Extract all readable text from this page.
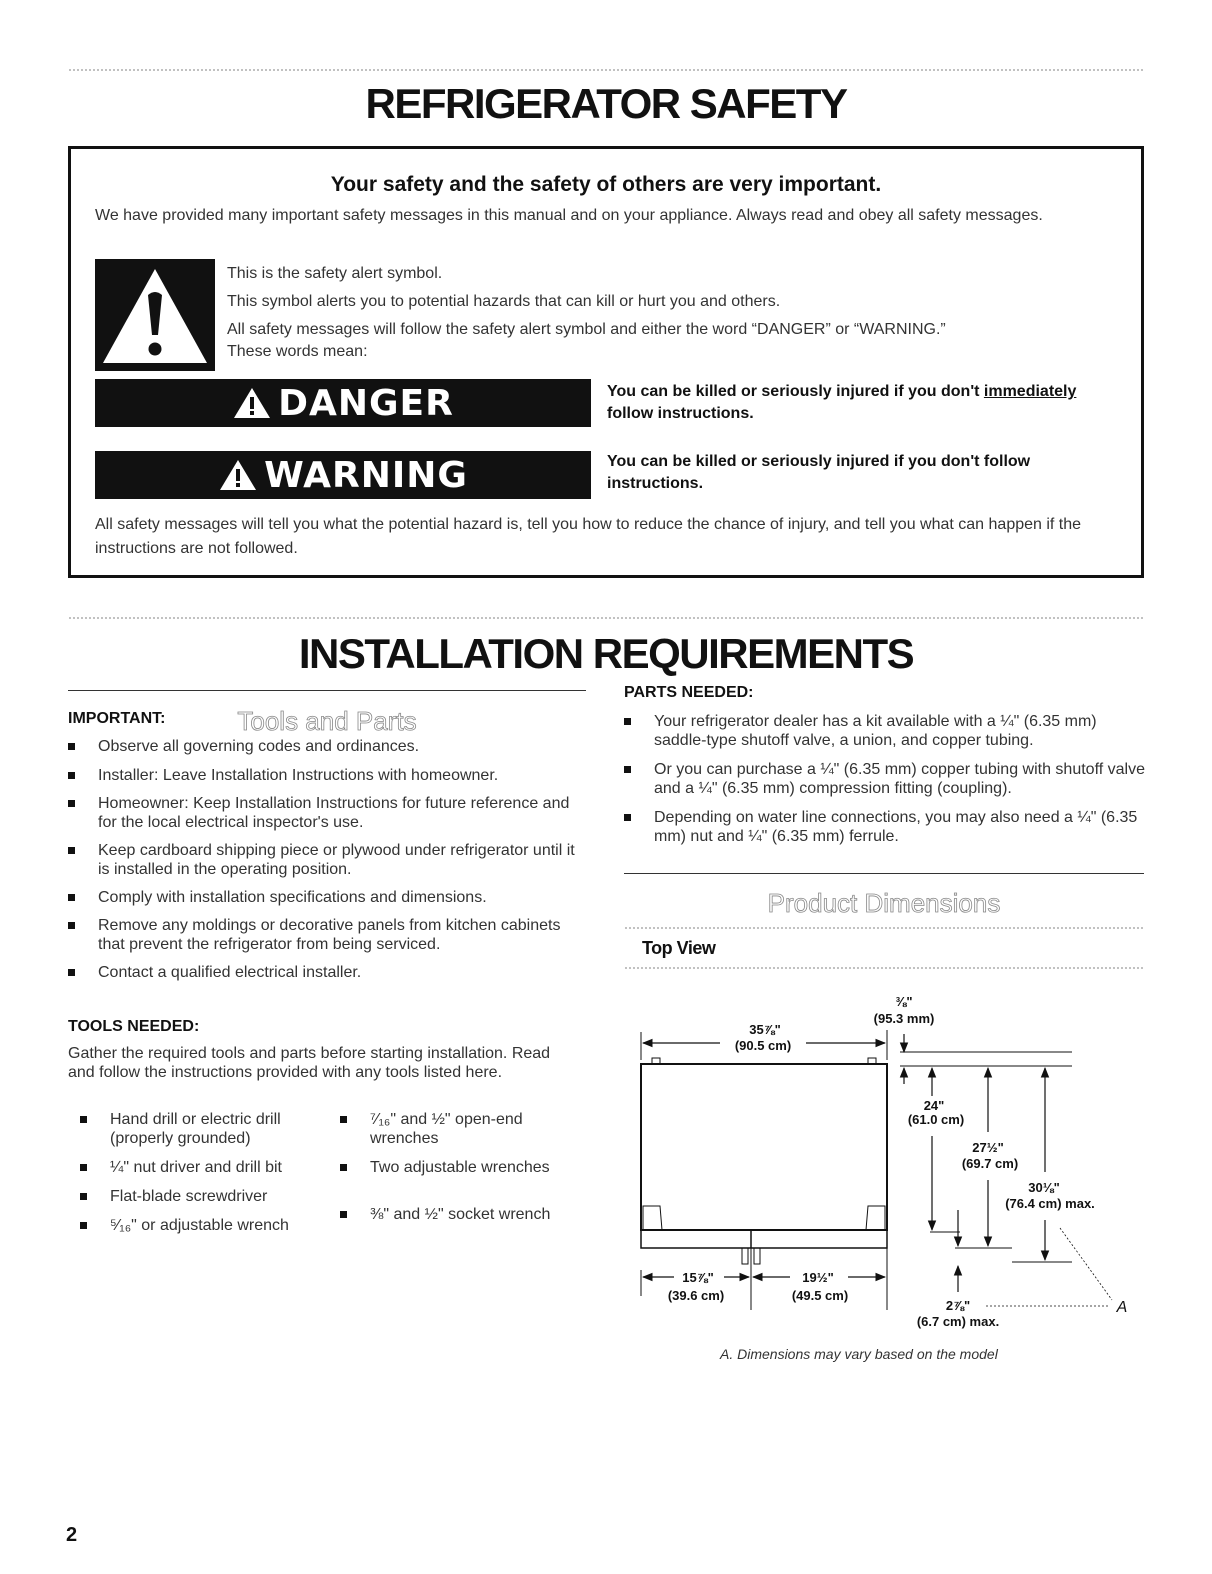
REFRIGERATOR SAFETY
Your safety and the safety of others are very important.
We have provided many important safety messages in this manual and on your appliance. Always read and obey all safety messages.
This is the safety alert symbol.
This symbol alerts you to potential hazards that can kill or hurt you and others.
All safety messages will follow the safety alert symbol and either the word “DANGER” or “WARNING.”
These words mean:
DANGER	You can be killed or seriously injured if you don't immediately
follow instructions.
WARNING	You can be killed or seriously injured if you don't follow instructions.
All safety messages will tell you what the potential hazard is, tell you how to reduce the chance of injury, and tell you what can happen if the instructions are not followed.
INSTALLATION REQUIREMENTS
Tools and Parts
IMPORTANT:
Observe all governing codes and ordinances.
Installer: Leave Installation Instructions with homeowner.
Homeowner: Keep Installation Instructions for future reference and for the local electrical inspector's use.
Keep cardboard shipping piece or plywood under refrigerator until it is installed in the operating position.
Comply with installation specifications and dimensions.
Remove any moldings or decorative panels from kitchen cabinets that prevent the refrigerator from being serviced.
Contact a qualified electrical installer.
TOOLS NEEDED:
Gather the required tools and parts before starting installation. Read and follow the instructions provided with any tools listed here.
Hand drill or electric drill (properly grounded)
¼" nut driver and drill bit
Flat-blade screwdriver
⁵⁄₁₆" or adjustable wrench
⁷⁄₁₆" and ½" open-end wrenches
Two adjustable wrenches
⅜" and ½" socket wrench
PARTS NEEDED:
Your refrigerator dealer has a kit available with a ¼" (6.35 mm) saddle-type shutoff valve, a union, and copper tubing.
Or you can purchase a ¼" (6.35 mm) copper tubing with shutoff valve and a ¼" (6.35 mm) compression fitting (coupling).
Depending on water line connections, you may also need a ¼" (6.35 mm) nut and ¼" (6.35 mm) ferrule.
Product Dimensions
Top View
35⅞"
(90.5 cm)
⅜"
(95.3 mm)
24"
(61.0 cm)
27½"
(69.7 cm)
30⅛"
(76.4 cm) max.
15⅞"
(39.6 cm)
19½"
(49.5 cm)
2⅞"
(6.7 cm) max.
A
A. Dimensions may vary based on the model
2
